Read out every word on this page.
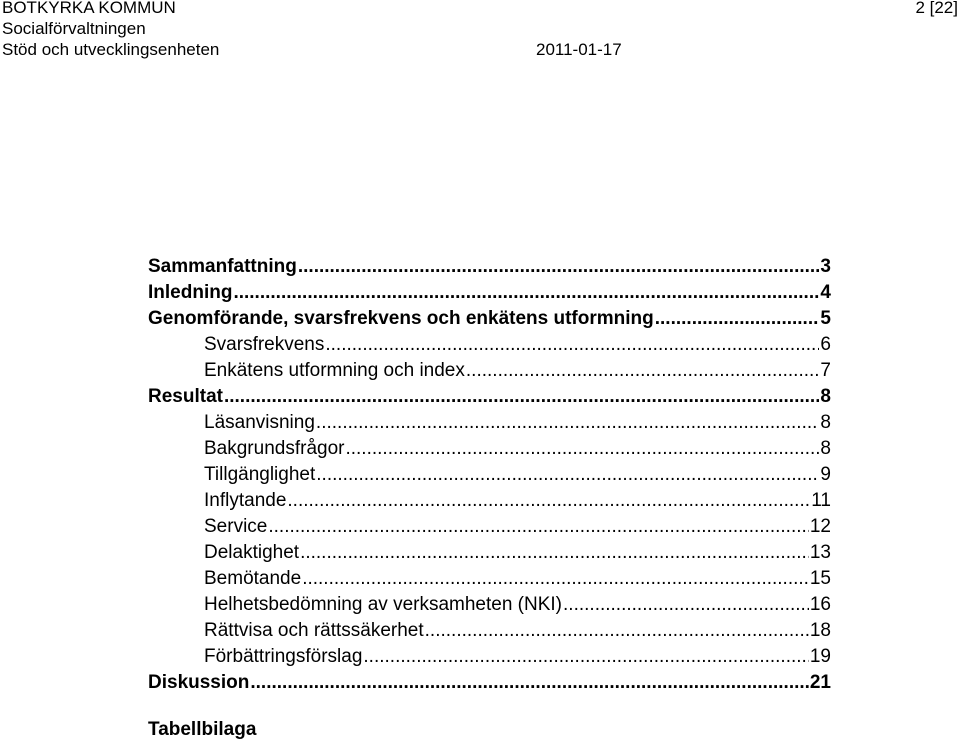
BOTKYRKA KOMMUN
Socialförvaltningen
Stöd och utvecklingsenheten	2011-01-17
2 [22]
Sammanfattning .....	3
Inledning .....	4
Genomförande, svarsfrekvens och enkätens utformning .....	5
Svarsfrekvens .....	6
Enkätens utformning och index .....	7
Resultat .....	8
Läsanvisning .....	8
Bakgrundsfrågor .....	8
Tillgänglighet .....	9
Inflytande .....	11
Service .....	12
Delaktighet .....	13
Bemötande .....	15
Helhetsbedömning av verksamheten (NKI) .....	16
Rättvisa och rättssäkerhet .....	18
Förbättringsförslag .....	19
Diskussion .....	21
Tabellbilaga
